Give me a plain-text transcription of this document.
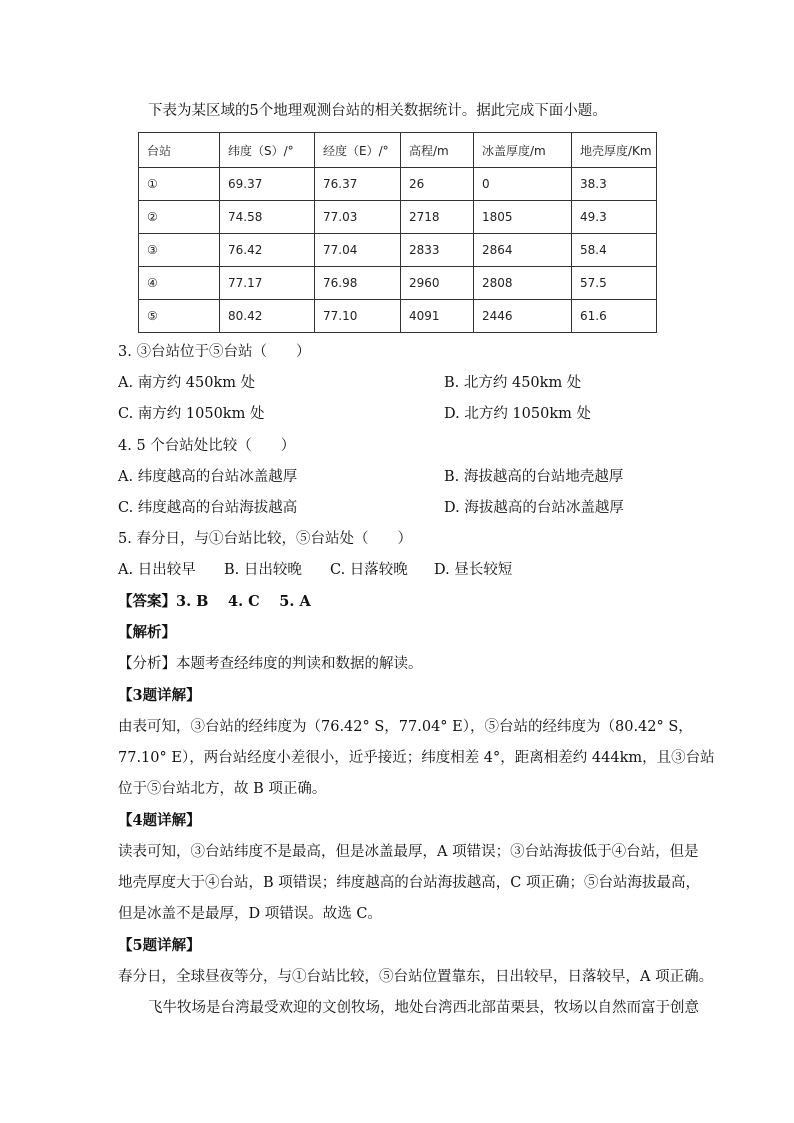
下表为某区域的5个地理观测台站的相关数据统计。据此完成下面小题。
台站	纬度（S）/°	经度（E）/°	高程/m	冰盖厚度/m	地壳厚度/Km
①	69.37	76.37	26	0	38.3
②	74.58	77.03	2718	1805	49.3
③	76.42	77.04	2833	2864	58.4
④	77.17	76.98	2960	2808	57.5
⑤	80.42	77.10	4091	2446	61.6
3. ③台站位于⑤台站（　　）
A. 南方约 450km 处	B. 北方约 450km 处
C. 南方约 1050km 处	D. 北方约 1050km 处
4. 5 个台站处比较（　　）
A. 纬度越高的台站冰盖越厚	B. 海拔越高的台站地壳越厚
C. 纬度越高的台站海拔越高	D. 海拔越高的台站冰盖越厚
5. 春分日，与①台站比较，⑤台站处（　　）
A. 日出较早 B. 日出较晚 C. 日落较晚 D. 昼长较短
【答案】3. B　 4. C　 5. A
【解析】
【分析】本题考查经纬度的判读和数据的解读。
【3题详解】
由表可知，③台站的经纬度为（76.42° S，77.04° E），⑤台站的经纬度为（80.42° S，
77.10° E），两台站经度小差很小，近乎接近；纬度相差 4°，距离相差约 444km，且③台站
位于⑤台站北方，故 B 项正确。
【4题详解】
读表可知，③台站纬度不是最高，但是冰盖最厚，A 项错误；③台站海拔低于④台站，但是
地壳厚度大于④台站，B 项错误；纬度越高的台站海拔越高，C 项正确；⑤台站海拔最高，
但是冰盖不是最厚，D 项错误。故选 C。
【5题详解】
春分日，全球昼夜等分，与①台站比较，⑤台站位置靠东，日出较早，日落较早，A 项正确。
飞牛牧场是台湾最受欢迎的文创牧场，地处台湾西北部苗栗县，牧场以自然而富于创意
